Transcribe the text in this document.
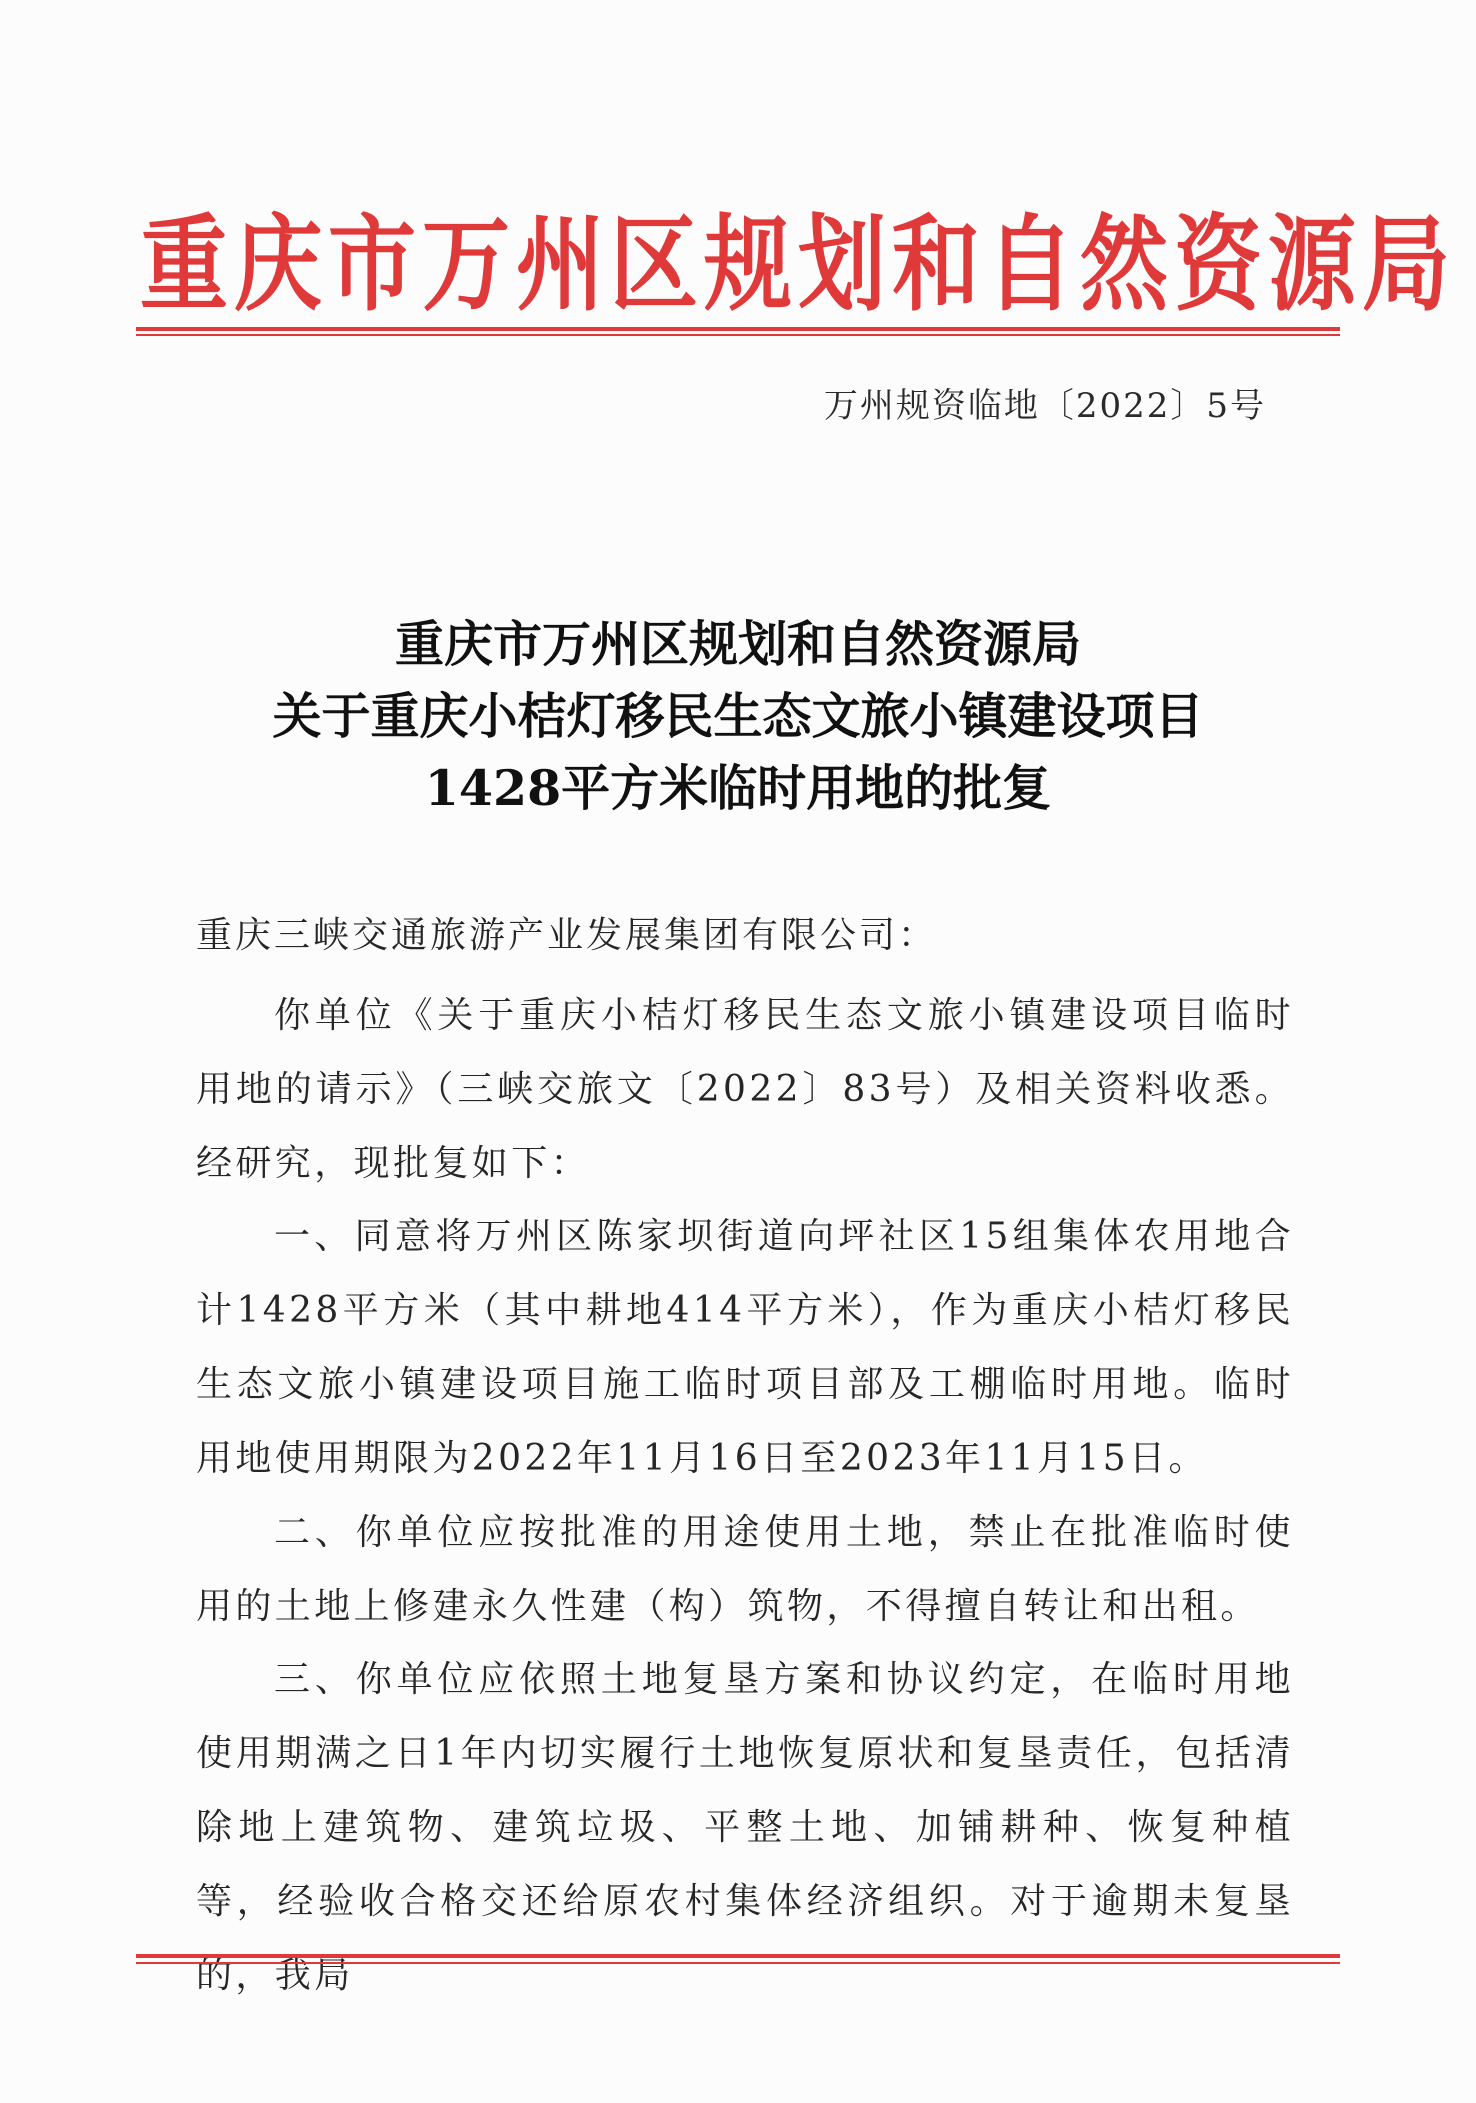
重庆市万州区规划和自然资源局
万州规资临地〔2022〕5号
重庆市万州区规划和自然资源局
关于重庆小桔灯移民生态文旅小镇建设项目
1428平方米临时用地的批复
重庆三峡交通旅游产业发展集团有限公司：
你单位《关于重庆小桔灯移民生态文旅小镇建设项目临时用地的请示》（三峡交旅文〔2022〕83号）及相关资料收悉。经研究，现批复如下：
一、同意将万州区陈家坝街道向坪社区15组集体农用地合计1428平方米（其中耕地414平方米），作为重庆小桔灯移民生态文旅小镇建设项目施工临时项目部及工棚临时用地。临时用地使用期限为2022年11月16日至2023年11月15日。
二、你单位应按批准的用途使用土地，禁止在批准临时使用的土地上修建永久性建（构）筑物，不得擅自转让和出租。
三、你单位应依照土地复垦方案和协议约定，在临时用地使用期满之日1年内切实履行土地恢复原状和复垦责任，包括清除地上建筑物、建筑垃圾、平整土地、加铺耕种、恢复种植等，经验收合格交还给原农村集体经济组织。对于逾期未复垦的，我局
